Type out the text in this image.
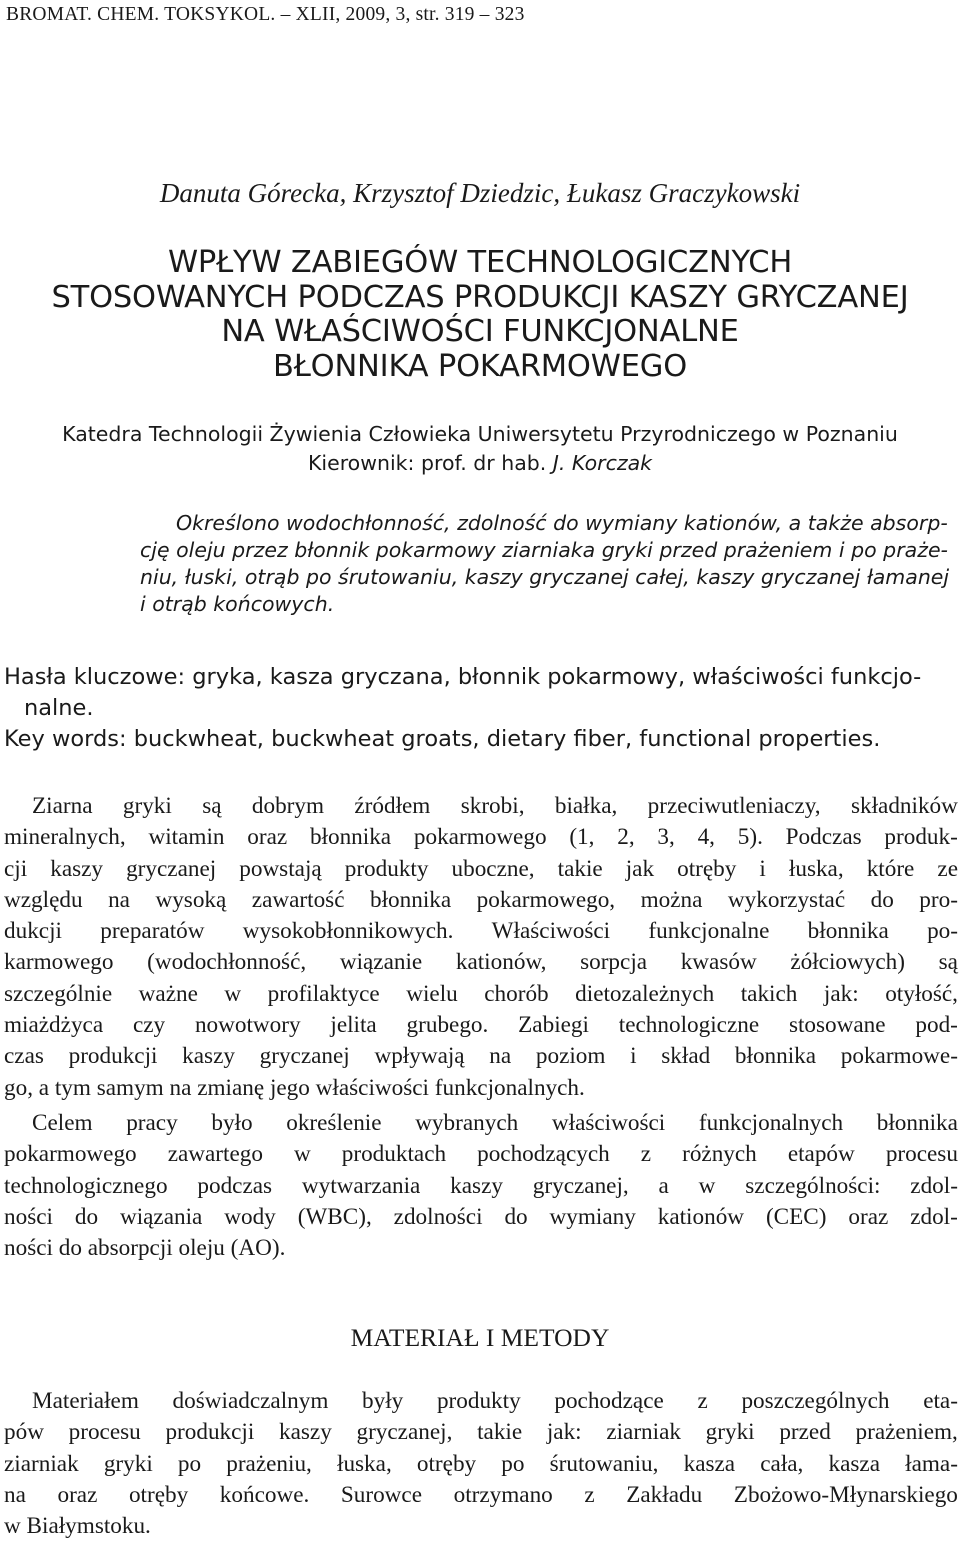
BROMAT. CHEM. TOKSYKOL. – XLII, 2009, 3, str. 319 – 323
Danuta Górecka, Krzysztof Dziedzic, Łukasz Graczykowski
WPŁYW ZABIEGÓW TECHNOLOGICZNYCH
STOSOWANYCH PODCZAS PRODUKCJI KASZY GRYCZANEJ
NA WŁAŚCIWOŚCI FUNKCJONALNE
BŁONNIKA POKARMOWEGO
Katedra Technologii Żywienia Człowieka Uniwersytetu Przyrodniczego w Poznaniu
Kierownik: prof. dr hab. J. Korczak
Określono wodochłonność, zdolność do wymiany kationów, a także absorp-
cję oleju przez błonnik pokarmowy ziarniaka gryki przed prażeniem i po praże-
niu, łuski, otrąb po śrutowaniu, kaszy gryczanej całej, kaszy gryczanej łamanej
i otrąb końcowych.
Hasła kluczowe: gryka, kasza gryczana, błonnik pokarmowy, właściwości funkcjo-
nalne.
Key words: buckwheat, buckwheat groats, dietary fiber, functional properties.
Ziarna gryki są dobrym źródłem skrobi, białka, przeciwutleniaczy, składników
mineralnych, witamin oraz błonnika pokarmowego (1, 2, 3, 4, 5). Podczas produk-
cji kaszy gryczanej powstają produkty uboczne, takie jak otręby i łuska, które ze
względu na wysoką zawartość błonnika pokarmowego, można wykorzystać do pro-
dukcji preparatów wysokobłonnikowych. Właściwości funkcjonalne błonnika po-
karmowego (wodochłonność, wiązanie kationów, sorpcja kwasów żółciowych) są
szczególnie ważne w profilaktyce wielu chorób dietozależnych takich jak: otyłość,
miażdżyca czy nowotwory jelita grubego. Zabiegi technologiczne stosowane pod-
czas produkcji kaszy gryczanej wpływają na poziom i skład błonnika pokarmowe-
go, a tym samym na zmianę jego właściwości funkcjonalnych.
Celem pracy było określenie wybranych właściwości funkcjonalnych błonnika
pokarmowego zawartego w produktach pochodzących z różnych etapów procesu
technologicznego podczas wytwarzania kaszy gryczanej, a w szczególności: zdol-
ności do wiązania wody (WBC), zdolności do wymiany kationów (CEC) oraz zdol-
ności do absorpcji oleju (AO).
MATERIAŁ I METODY
Materiałem doświadczalnym były produkty pochodzące z poszczególnych eta-
pów procesu produkcji kaszy gryczanej, takie jak: ziarniak gryki przed prażeniem,
ziarniak gryki po prażeniu, łuska, otręby po śrutowaniu, kasza cała, kasza łama-
na oraz otręby końcowe. Surowce otrzymano z Zakładu Zbożowo-Młynarskiego
w Białymstoku.
